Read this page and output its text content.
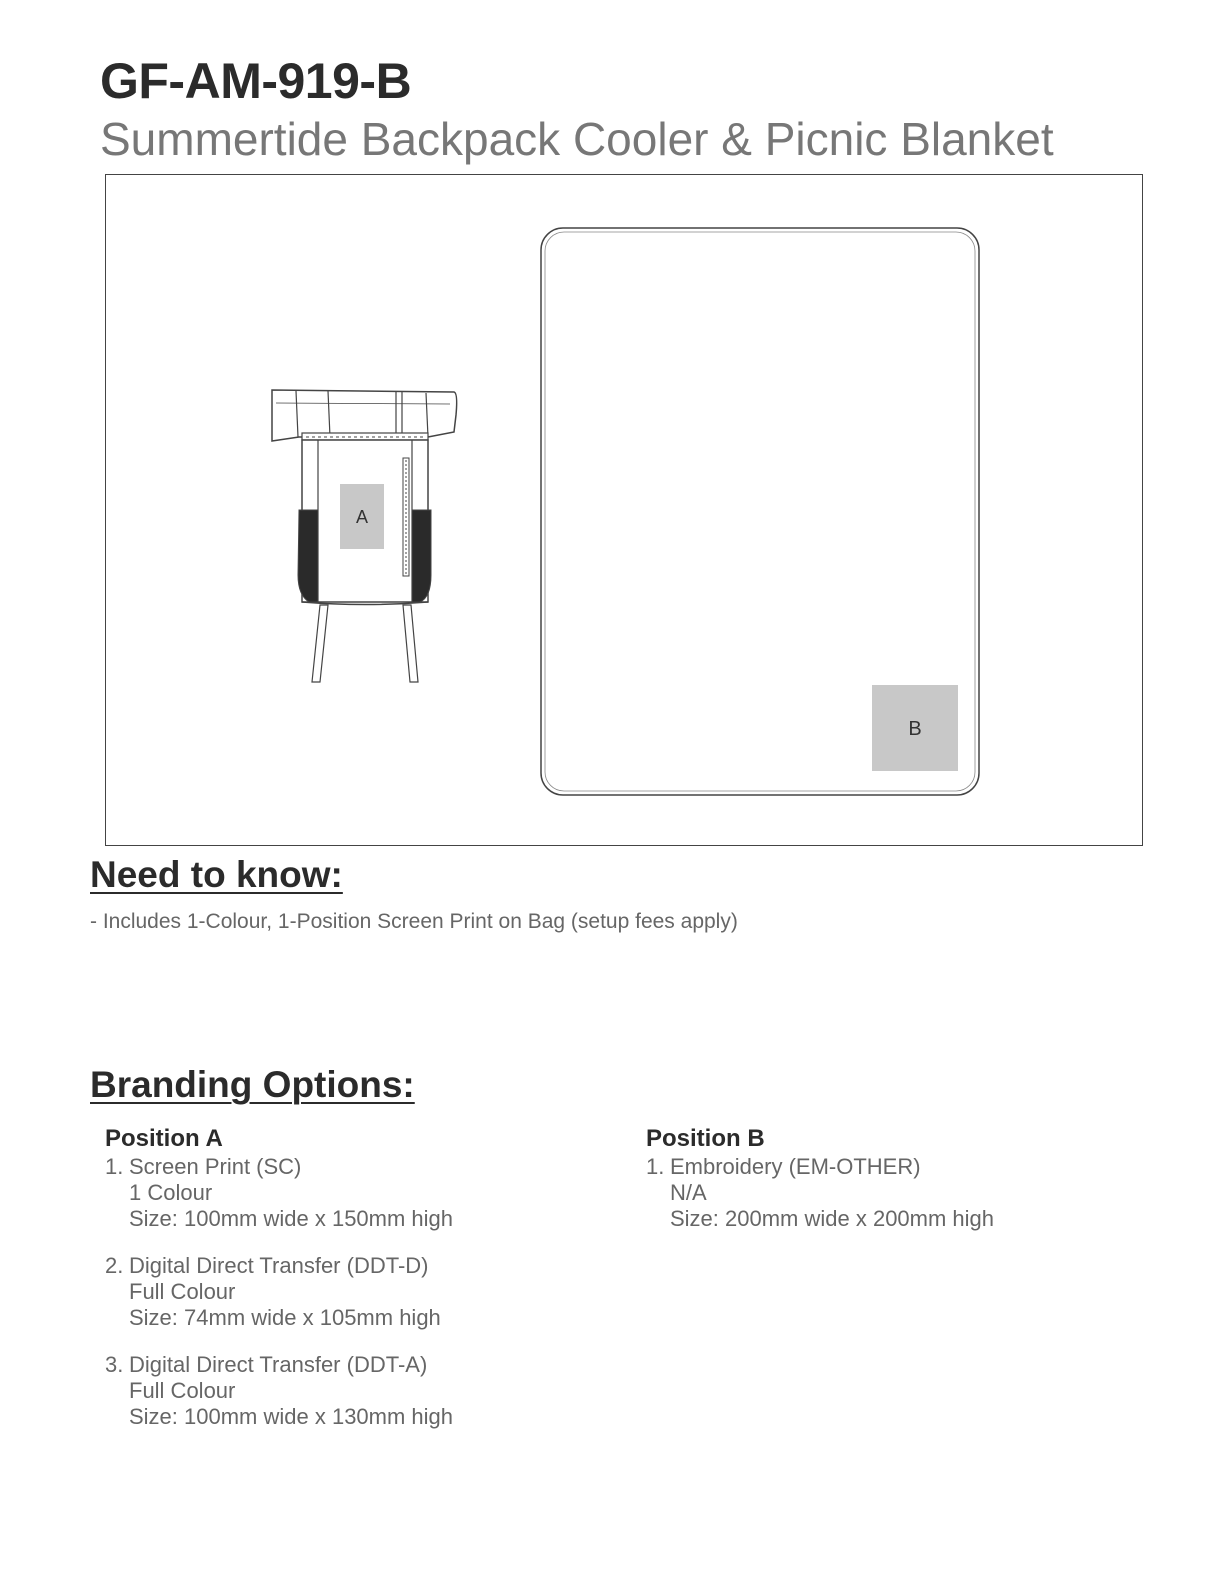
GF-AM-919-B
Summertide Backpack Cooler & Picnic Blanket
A
B
Need to know:
- Includes 1-Colour, 1-Position Screen Print on Bag (setup fees apply)
Branding Options:
Position A
1. Screen Print (SC)
1 Colour
Size: 100mm wide x 150mm high
2. Digital Direct Transfer (DDT-D)
Full Colour
Size: 74mm wide x 105mm high
3. Digital Direct Transfer (DDT-A)
Full Colour
Size: 100mm wide x 130mm high
Position B
1. Embroidery (EM-OTHER)
N/A
Size: 200mm wide x 200mm high
